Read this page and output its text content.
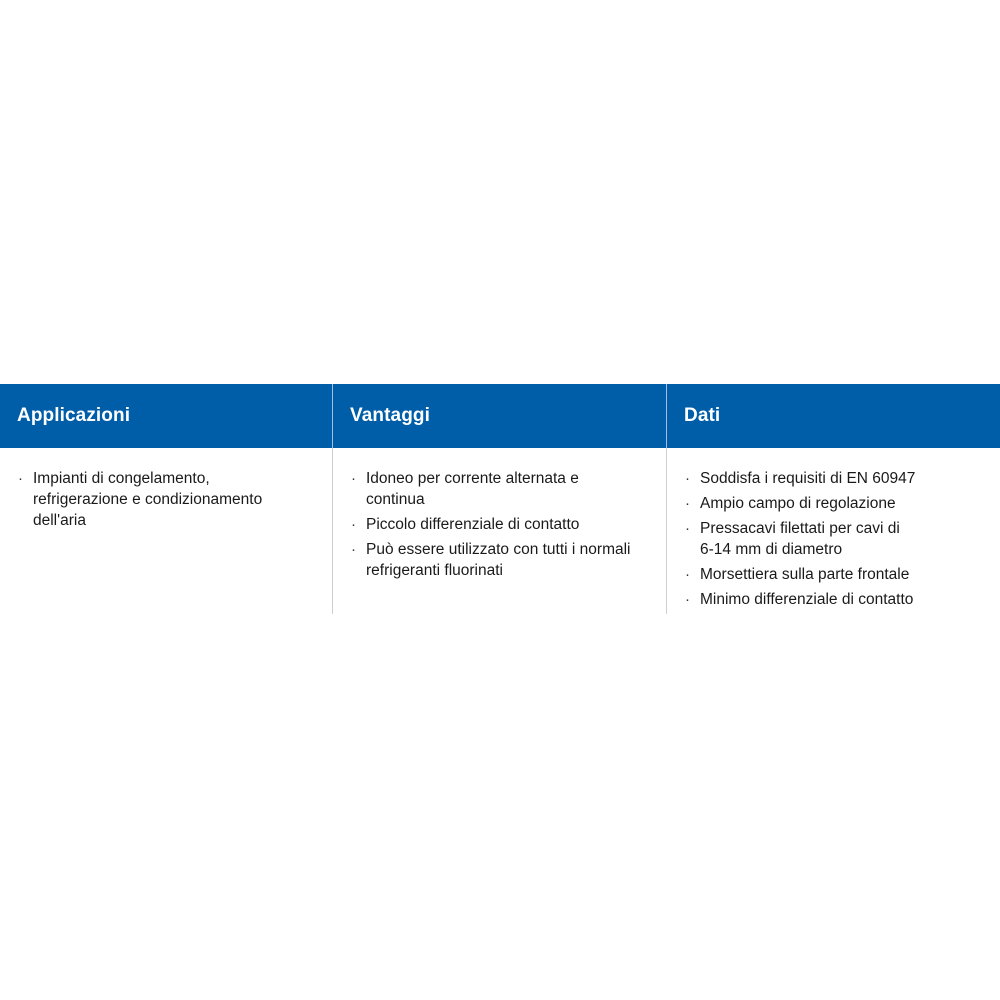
Applicazioni	Vantaggi	Dati
· Impianti di congelamento, refrigerazione e condizionamento dell'aria
· Idoneo per corrente alternata e continua
· Piccolo differenziale di contatto
· Può essere utilizzato con tutti i normali refrigeranti fluorinati
· Soddisfa i requisiti di EN 60947
· Ampio campo di regolazione
· Pressacavi filettati per cavi di 6-14 mm di diametro
· Morsettiera sulla parte frontale
· Minimo differenziale di contatto
